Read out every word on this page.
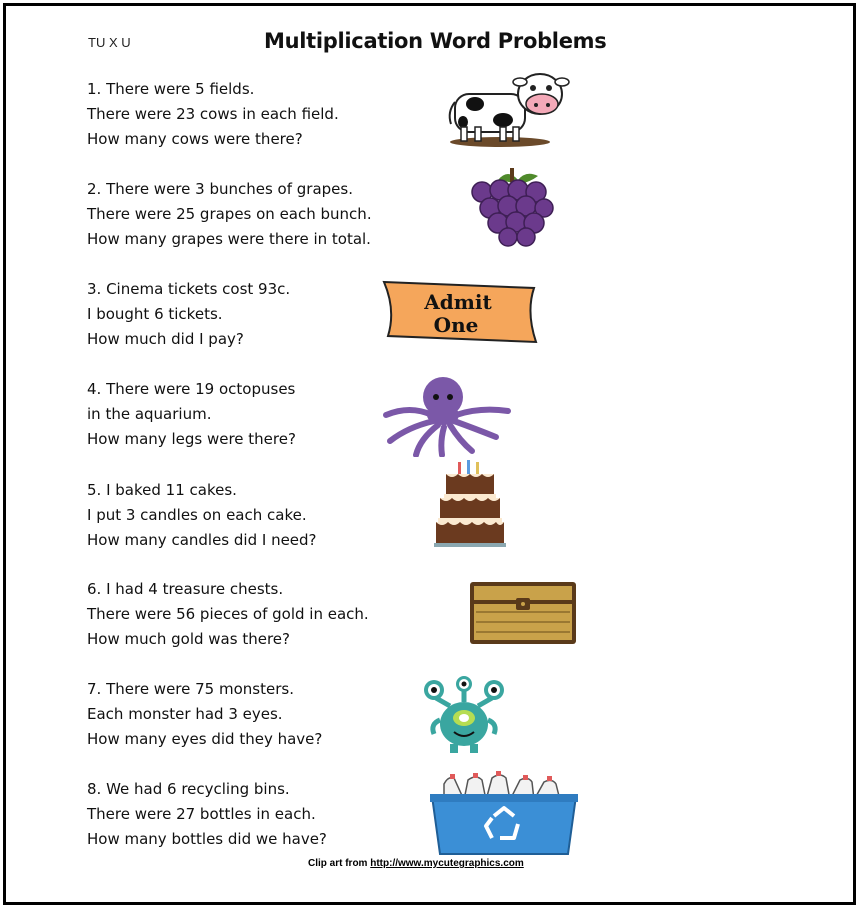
TU X U	Multiplication Word Problems
1. There were 5 fields.
There were 23 cows in each field.
How many cows were there?
2. There were 3 bunches of grapes.
There were 25 grapes on each bunch.
How many grapes were there in total.
3. Cinema tickets cost 93c.
I bought 6 tickets.
How much did I pay?
Admit
One
4. There were 19 octopuses
in the aquarium.
How many legs were there?
5. I baked 11 cakes.
I put 3 candles on each cake.
How many candles did I need?
6. I had 4 treasure chests.
There were 56 pieces of gold in each.
How much gold was there?
7. There were 75 monsters.
Each monster had 3 eyes.
How many eyes did they have?
8. We had 6 recycling bins.
There were 27 bottles in each.
How many bottles did we have?
Clip art from http://www.mycutegraphics.com
